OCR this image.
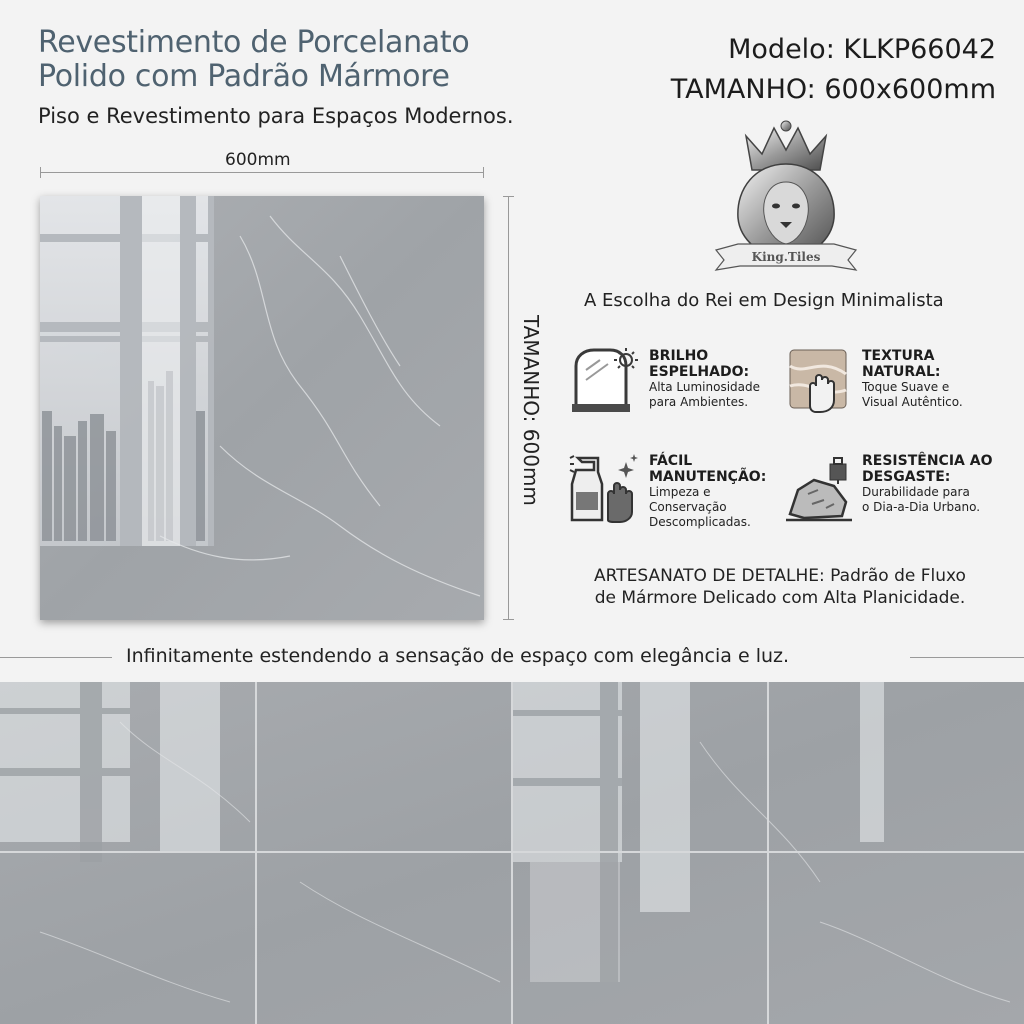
Revestimento de Porcelanato
Polido com Padrão Mármore
Piso e Revestimento para Espaços Modernos.
Modelo: KLKP66042
TAMANHO: 600x600mm
600mm
TAMANHO: 600mm
King.Tiles
A Escolha do Rei em Design Minimalista
BRILHO
ESPELHADO:
Alta Luminosidade
para Ambientes.
TEXTURA
NATURAL:
Toque Suave e
Visual Autêntico.
FÁCIL
MANUTENÇÃO:
Limpeza e Conservação
Descomplicadas.
RESISTÊNCIA AO
DESGASTE:
Durabilidade para
o Dia-a-Dia Urbano.
ARTESANATO DE DETALHE: Padrão de Fluxo
de Mármore Delicado com Alta Planicidade.
Infinitamente estendendo a sensação de espaço com elegância e luz.
